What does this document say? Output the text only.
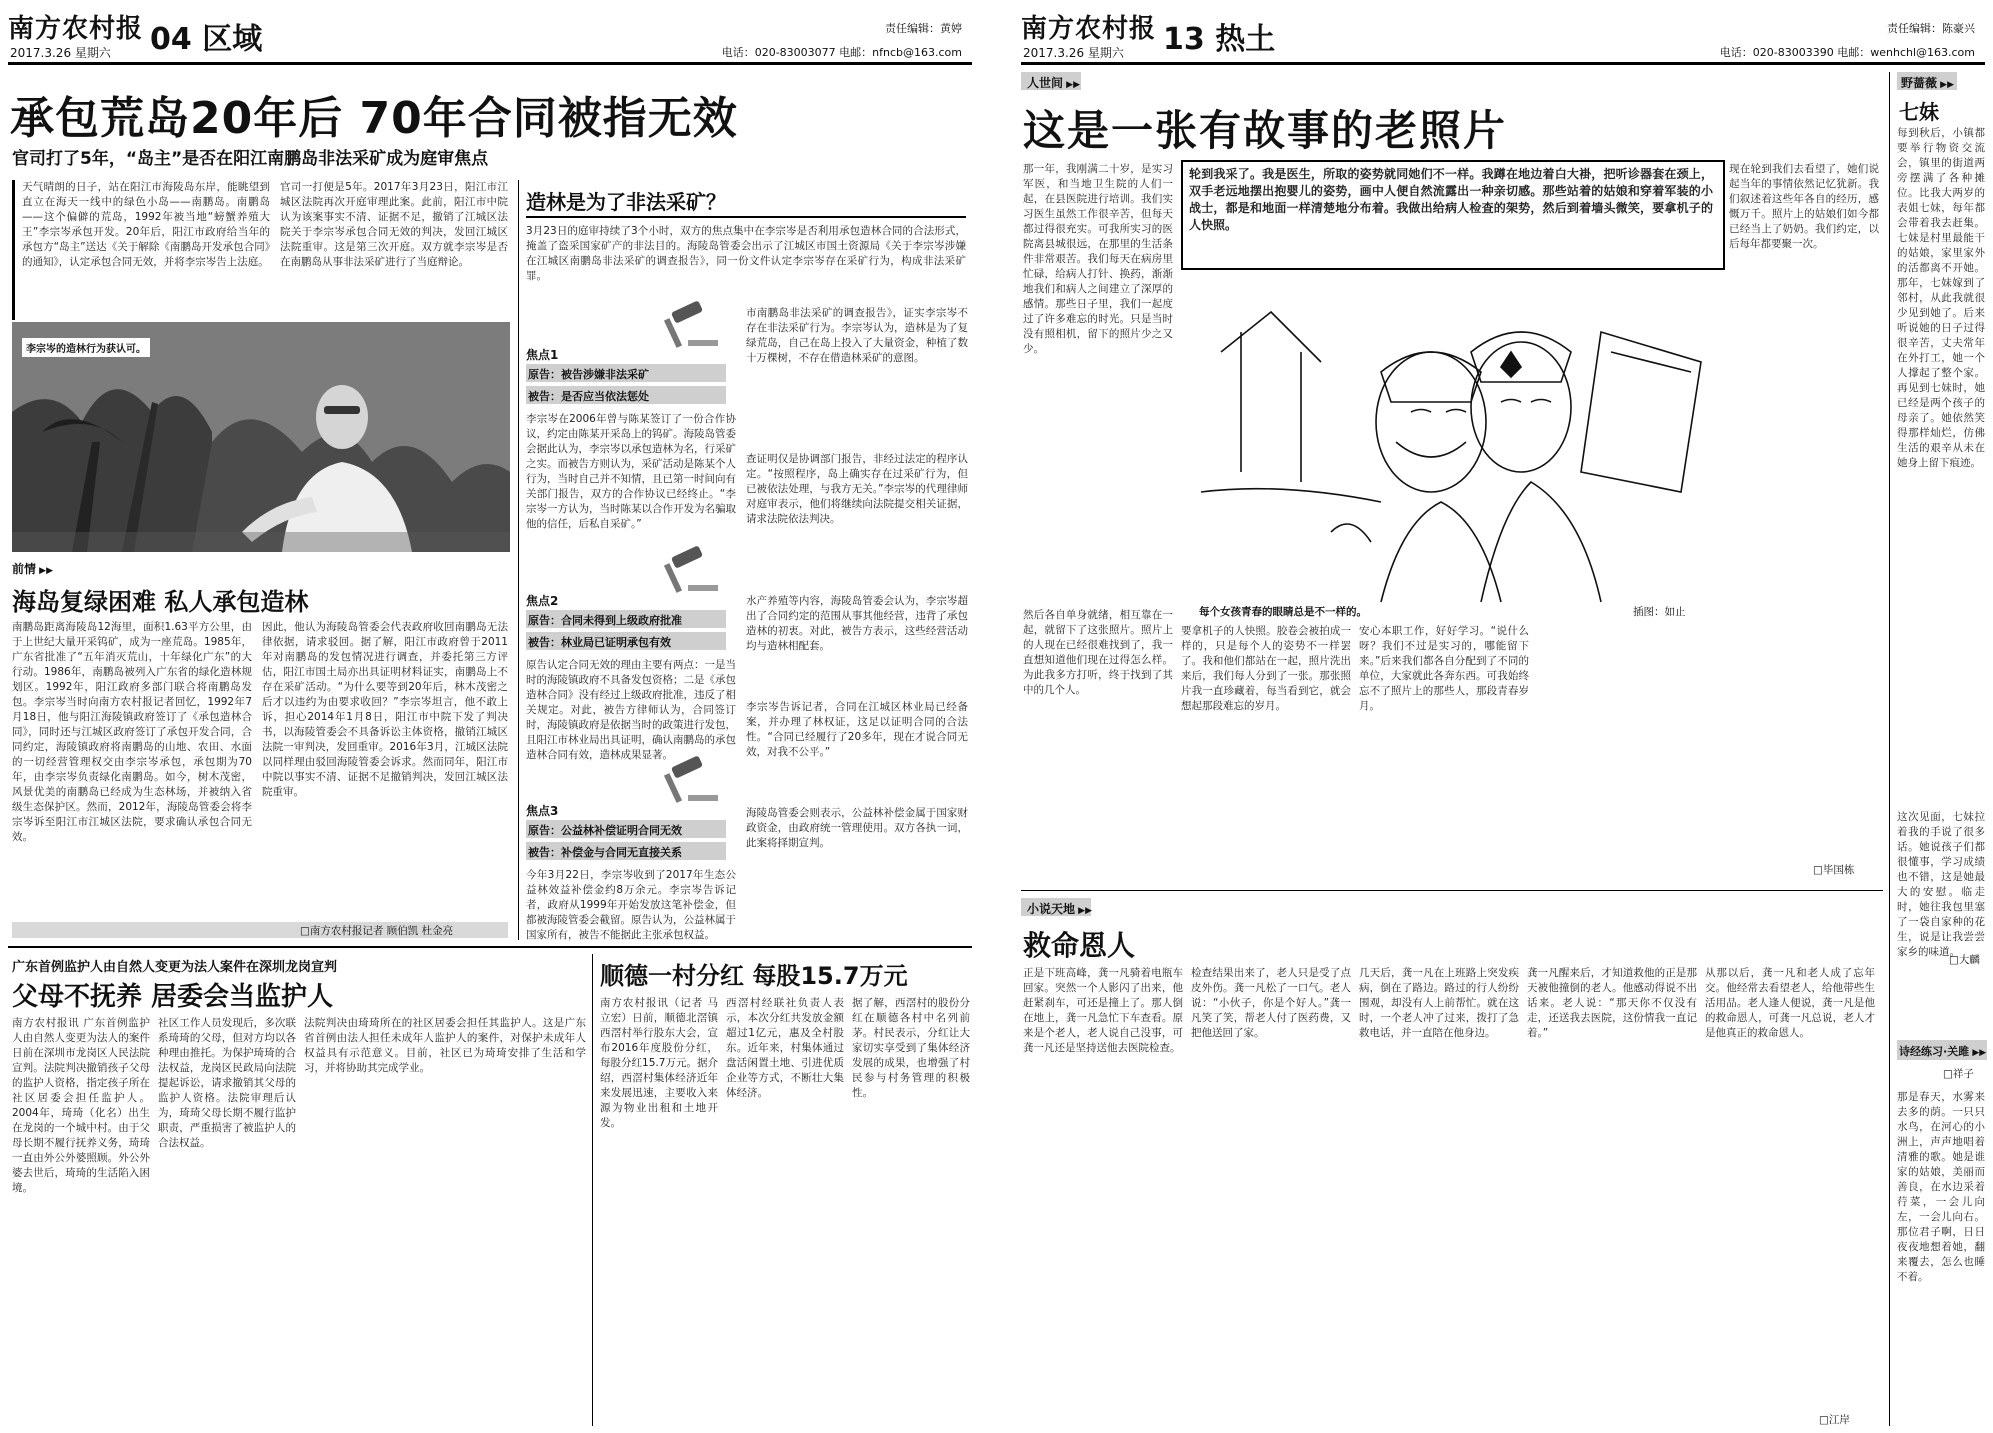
南方农村报
2017.3.26 星期六 04 区域	责任编辑：黄婷
电话：020-83003077 电邮：nfncb@163.com
承包荒岛20年后 70年合同被指无效
官司打了5年，“岛主”是否在阳江南鹏岛非法采矿成为庭审焦点
天气晴朗的日子，站在阳江市海陵岛东岸，能眺望到直立在海天一线中的绿色小岛——南鹏岛。南鹏岛——这个偏僻的荒岛，1992年被当地“螃蟹养殖大王”李宗岑承包开发。20年后，阳江市政府给当年的承包方“岛主”送达《关于解除《南鹏岛开发承包合同》的通知》，认定承包合同无效，并将李宗岑告上法庭。
官司一打便是5年。2017年3月23日，阳江市江城区法院再次开庭审理此案。此前，阳江市中院认为该案事实不清、证据不足，撤销了江城区法院关于李宗岑承包合同无效的判决，发回江城区法院重审。这是第三次开庭。双方就李宗岑是否在南鹏岛从事非法采矿进行了当庭辩论。
李宗岑的造林行为获认可。
前情 ▶▶
海岛复绿困难 私人承包造林
南鹏岛距离海陵岛12海里，面积1.63平方公里，由于上世纪大量开采钨矿，成为一座荒岛。1985年，广东省批准了“五年消灭荒山，十年绿化广东”的大行动。1986年，南鹏岛被列入广东省的绿化造林规划区。1992年，阳江政府多部门联合将南鹏岛发包。李宗岑当时向南方农村报记者回忆，1992年7月18日，他与阳江海陵镇政府签订了《承包造林合同》，同时还与江城区政府签订了承包开发合同，合同约定，海陵镇政府将南鹏岛的山地、农田、水面的一切经营管理权交由李宗岑承包，承包期为70年，由李宗岑负责绿化南鹏岛。如今，树木茂密，风景优美的南鹏岛已经成为生态林场，并被纳入省级生态保护区。然而，2012年，海陵岛管委会将李宗岑诉至阳江市江城区法院，要求确认承包合同无效。
因此，他认为海陵岛管委会代表政府收回南鹏岛无法律依据，请求驳回。据了解，阳江市政府曾于2011年对南鹏岛的发包情况进行调查，并委托第三方评估，阳江市国土局亦出具证明材料证实，南鹏岛上不存在采矿活动。“为什么要等到20年后，林木茂密之后才以违约为由要求收回？”李宗岑坦言，他不敢上诉，担心2014年1月8日，阳江市中院下发了判决书，以海陵管委会不具备诉讼主体资格，撤销江城区法院一审判决，发回重审。2016年3月，江城区法院以同样理由驳回海陵管委会诉求。然而同年，阳江市中院以事实不清、证据不足撤销判决，发回江城区法院重审。
□南方农村报记者 顾伯凯 杜金亮
造林是为了非法采矿？
3月23日的庭审持续了3个小时，双方的焦点集中在李宗岑是否利用承包造林合同的合法形式，掩盖了盗采国家矿产的非法目的。海陵岛管委会出示了江城区市国土资源局《关于李宗岑涉嫌在江城区南鹏岛非法采矿的调查报告》，同一份文件认定李宗岑存在采矿行为，构成非法采矿罪。
焦点1
原告：被告涉嫌非法采矿
被告：是否应当依法惩处
李宗岑在2006年曾与陈某签订了一份合作协议，约定由陈某开采岛上的钨矿。海陵岛管委会据此认为，李宗岑以承包造林为名，行采矿之实。而被告方则认为，采矿活动是陈某个人行为，当时自己并不知情，且已第一时间向有关部门报告，双方的合作协议已经终止。“李宗岑一方认为，当时陈某以合作开发为名骗取他的信任，后私自采矿。”
焦点2
原告：合同未得到上级政府批准
被告：林业局已证明承包有效
原告认定合同无效的理由主要有两点：一是当时的海陵镇政府不具备发包资格；二是《承包造林合同》没有经过上级政府批准，违反了相关规定。对此，被告方律师认为，合同签订时，海陵镇政府是依据当时的政策进行发包，且阳江市林业局出具证明，确认南鹏岛的承包造林合同有效，造林成果显著。
焦点3
原告：公益林补偿证明合同无效
被告：补偿金与合同无直接关系
今年3月22日，李宗岑收到了2017年生态公益林效益补偿金约8万余元。李宗岑告诉记者，政府从1999年开始发放这笔补偿金，但都被海陵管委会截留。原告认为，公益林属于国家所有，被告不能据此主张承包权益。
市南鹏岛非法采矿的调查报告》，证实李宗岑不存在非法采矿行为。李宗岑认为，造林是为了复绿荒岛，自己在岛上投入了大量资金，种植了数十万棵树，不存在借造林采矿的意图。
查证明仅是协调部门报告，非经过法定的程序认定。“按照程序，岛上确实存在过采矿行为，但已被依法处理，与我方无关。”李宗岑的代理律师对庭审表示，他们将继续向法院提交相关证据，请求法院依法判决。
水产养殖等内容，海陵岛管委会认为，李宗岑超出了合同约定的范围从事其他经营，违背了承包造林的初衷。对此，被告方表示，这些经营活动均与造林相配套。
李宗岑告诉记者，合同在江城区林业局已经备案，并办理了林权证，这足以证明合同的合法性。“合同已经履行了20多年，现在才说合同无效，对我不公平。”
海陵岛管委会则表示，公益林补偿金属于国家财政资金，由政府统一管理使用。双方各执一词，此案将择期宣判。
广东首例监护人由自然人变更为法人案件在深圳龙岗宣判
父母不抚养 居委会当监护人
南方农村报讯 广东首例监护人由自然人变更为法人的案件日前在深圳市龙岗区人民法院宣判。法院判决撤销孩子父母的监护人资格，指定孩子所在社区居委会担任监护人。2004年，琦琦（化名）出生在龙岗的一个城中村。由于父母长期不履行抚养义务，琦琦一直由外公外婆照顾。外公外婆去世后，琦琦的生活陷入困境。
社区工作人员发现后，多次联系琦琦的父母，但对方均以各种理由推托。为保护琦琦的合法权益，龙岗区民政局向法院提起诉讼，请求撤销其父母的监护人资格。法院审理后认为，琦琦父母长期不履行监护职责，严重损害了被监护人的合法权益。
法院判决由琦琦所在的社区居委会担任其监护人。这是广东省首例由法人担任未成年人监护人的案件，对保护未成年人权益具有示范意义。目前，社区已为琦琦安排了生活和学习，并将协助其完成学业。
顺德一村分红 每股15.7万元
南方农村报讯（记者 马立宏）日前，顺德北滘镇西滘村举行股东大会，宣布2016年度股份分红，每股分红15.7万元。据介绍，西滘村集体经济近年来发展迅速，主要收入来源为物业出租和土地开发。
西滘村经联社负责人表示，本次分红共发放金额超过1亿元，惠及全村股东。近年来，村集体通过盘活闲置土地、引进优质企业等方式，不断壮大集体经济。
据了解，西滘村的股份分红在顺德各村中名列前茅。村民表示，分红让大家切实享受到了集体经济发展的成果，也增强了村民参与村务管理的积极性。
南方农村报
2017.3.26 星期六 13 热土	责任编辑：陈豪兴
电话：020-83003390 电邮：wenhchl@163.com
人世间 ▶▶
这是一张有故事的老照片
那一年，我刚满二十岁，是实习军医，和当地卫生院的人们一起，在县医院进行培训。我们实习医生虽然工作很辛苦，但每天都过得很充实。可我所实习的医院离县城很远，在那里的生活条件非常艰苦。我们每天在病房里忙碌，给病人打针、换药，渐渐地我们和病人之间建立了深厚的感情。那些日子里，我们一起度过了许多难忘的时光。只是当时没有照相机，留下的照片少之又少。
轮到我采了。我是医生，所取的姿势就同她们不一样。我蹲在地边着白大褂，把听诊器套在颈上，双手老远地摆出抱婴儿的姿势，画中人便自然流露出一种亲切感。那些站着的姑娘和穿着军装的小战士，都是和地面一样清楚地分布着。我做出给病人检查的架势，然后到着墙头微笑，要拿机子的人快照。
每个女孩青春的眼睛总是不一样的。	插图：如止
然后各自单身就绪，相互靠在一起，就留下了这张照片。照片上的人现在已经很难找到了，我一直想知道他们现在过得怎么样。为此我多方打听，终于找到了其中的几个人。
要拿机子的人快照。胶卷会被拍成一样的，只是每个人的姿势不一样罢了。我和他们都站在一起，照片洗出来后，我们每人分到了一张。那张照片我一直珍藏着，每当看到它，就会想起那段难忘的岁月。
安心本职工作，好好学习。“说什么呀？我们不过是实习的，哪能留下来。”后来我们都各自分配到了不同的单位，大家就此各奔东西。可我始终忘不了照片上的那些人，那段青春岁月。
现在轮到我们去看望了，她们说起当年的事情依然记忆犹新。我们叙述着这些年各自的经历，感慨万千。照片上的姑娘们如今都已经当上了奶奶。我们约定，以后每年都要聚一次。
□毕国栋
小说天地 ▶▶
救命恩人
正是下班高峰，龚一凡骑着电瓶车回家。突然一个人影闪了出来，他赶紧刹车，可还是撞上了。那人倒在地上，龚一凡急忙下车查看。原来是个老人，老人说自己没事，可龚一凡还是坚持送他去医院检查。
检查结果出来了，老人只是受了点皮外伤。龚一凡松了一口气。老人说：“小伙子，你是个好人。”龚一凡笑了笑，帮老人付了医药费，又把他送回了家。
几天后，龚一凡在上班路上突发疾病，倒在了路边。路过的行人纷纷围观，却没有人上前帮忙。就在这时，一个老人冲了过来，拨打了急救电话，并一直陪在他身边。
龚一凡醒来后，才知道救他的正是那天被他撞倒的老人。他感动得说不出话来。老人说：“那天你不仅没有走，还送我去医院，这份情我一直记着。”
从那以后，龚一凡和老人成了忘年交。他经常去看望老人，给他带些生活用品。老人逢人便说，龚一凡是他的救命恩人，可龚一凡总说，老人才是他真正的救命恩人。
□江岸
野蔷薇 ▶▶
七妹
每到秋后，小镇都要举行物资交流会，镇里的街道两旁摆满了各种摊位。比我大两岁的表姐七妹，每年都会带着我去赶集。七妹是村里最能干的姑娘，家里家外的活都离不开她。那年，七妹嫁到了邻村，从此我就很少见到她了。后来听说她的日子过得很辛苦，丈夫常年在外打工，她一个人撑起了整个家。再见到七妹时，她已经是两个孩子的母亲了。她依然笑得那样灿烂，仿佛生活的艰辛从未在她身上留下痕迹。
这次见面，七妹拉着我的手说了很多话。她说孩子们都很懂事，学习成绩也不错，这是她最大的安慰。临走时，她往我包里塞了一袋自家种的花生，说是让我尝尝家乡的味道。
□大麟
诗经练习·关雎 ▶▶
□祥子
那是春天，水雾来去多的荫。一只只水鸟，在河心的小洲上，声声地唱着清雅的歌。她是谁家的姑娘，美丽而善良，在水边采着荇菜，一会儿向左，一会儿向右。那位君子啊，日日夜夜地想着她，翻来覆去，怎么也睡不着。
